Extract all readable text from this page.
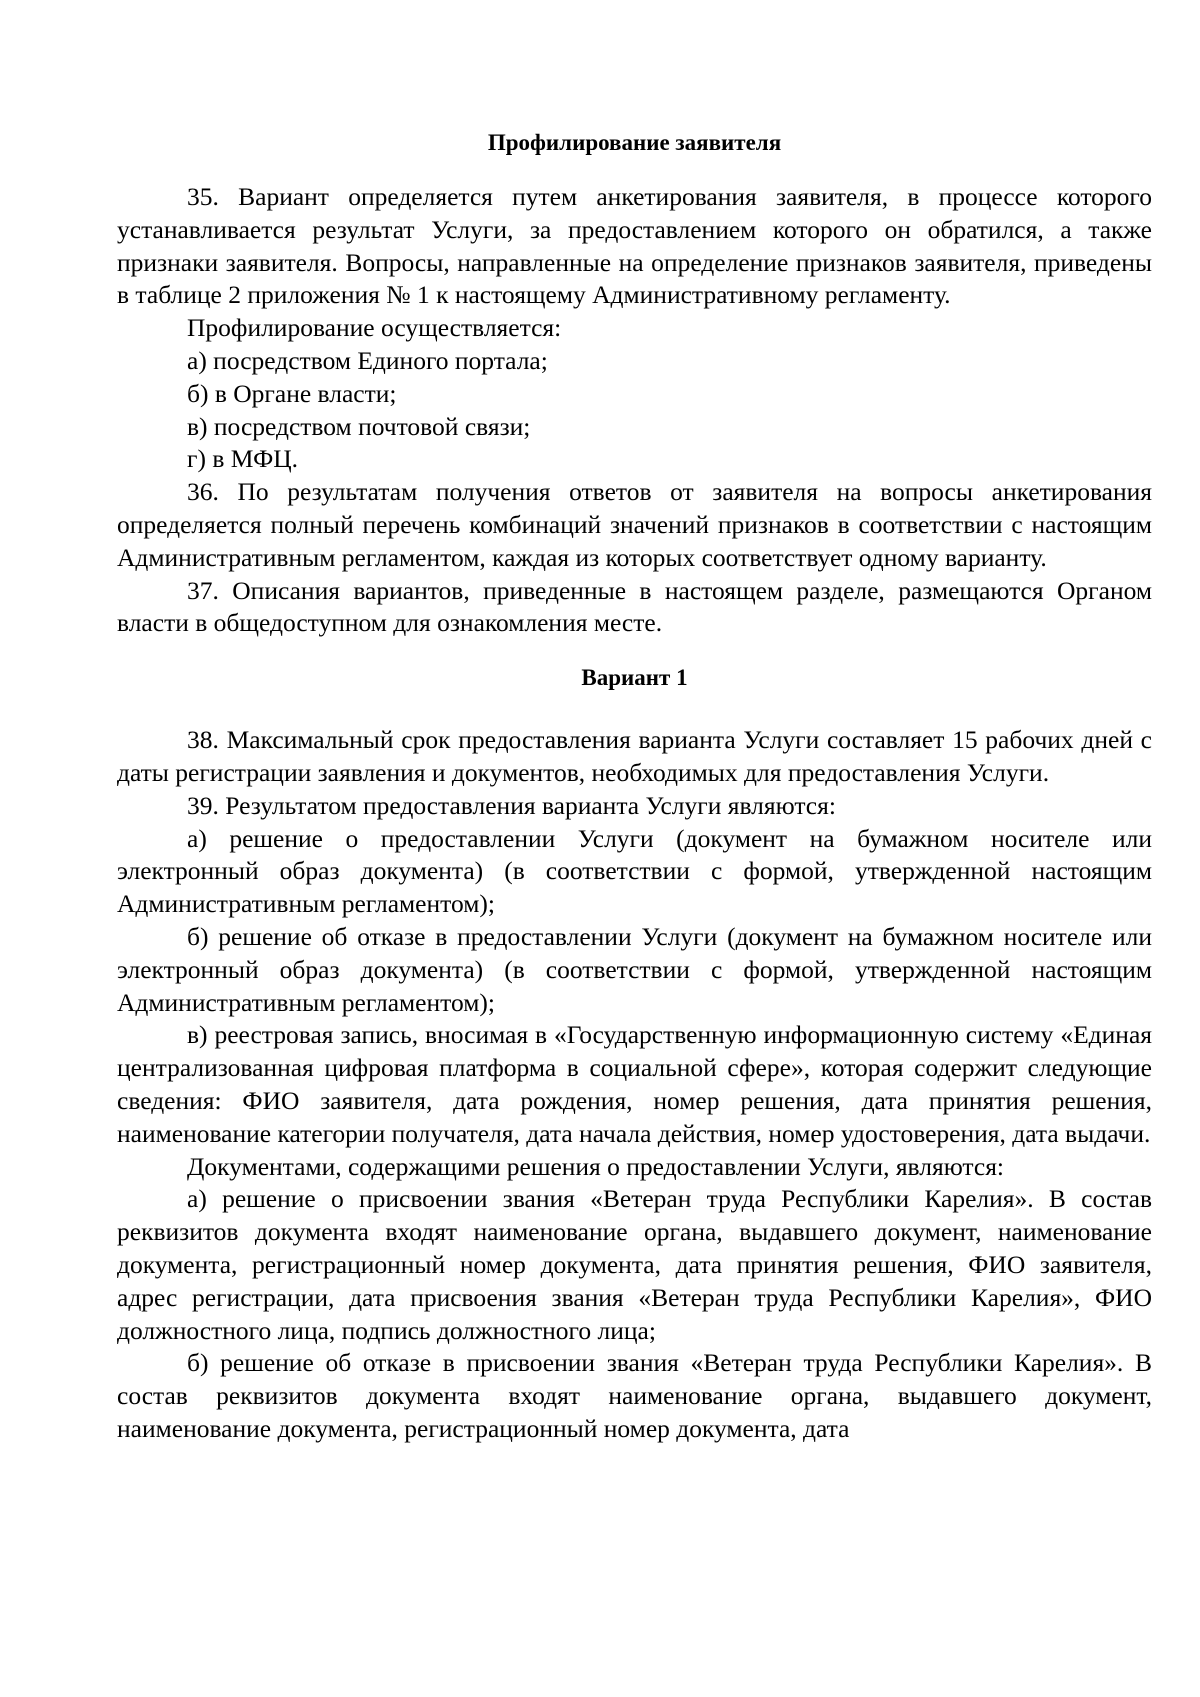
Профилирование заявителя

35. Вариант определяется путем анкетирования заявителя, в процессе которого устанавливается результат Услуги, за предоставлением которого он обратился, а также признаки заявителя. Вопросы, направленные на определение признаков заявителя, приведены в таблице 2 приложения № 1 к настоящему Административному регламенту.

Профилирование осуществляется:

а) посредством Единого портала;

б) в Органе власти;

в) посредством почтовой связи;

г) в МФЦ.

36. По результатам получения ответов от заявителя на вопросы анкетирования определяется полный перечень комбинаций значений признаков в соответствии с настоящим Административным регламентом, каждая из которых соответствует одному варианту.

37. Описания вариантов, приведенные в настоящем разделе, размещаются Органом власти в общедоступном для ознакомления месте.

Вариант 1

38. Максимальный срок предоставления варианта Услуги составляет 15 рабочих дней с даты регистрации заявления и документов, необходимых для предоставления Услуги.

39. Результатом предоставления варианта Услуги являются:

а) решение о предоставлении Услуги (документ на бумажном носителе или электронный образ документа) (в соответствии с формой, утвержденной настоящим Административным регламентом);

б) решение об отказе в предоставлении Услуги (документ на бумажном носителе или электронный образ документа) (в соответствии с формой, утвержденной настоящим Административным регламентом);

в) реестровая запись, вносимая в «Государственную информационную систему «Единая централизованная цифровая платформа в социальной сфере», которая содержит следующие сведения: ФИО заявителя, дата рождения, номер решения, дата принятия решения, наименование категории получателя, дата начала действия, номер удостоверения, дата выдачи.

Документами, содержащими решения о предоставлении Услуги, являются:

а) решение о присвоении звания «Ветеран труда Республики Карелия». В состав реквизитов документа входят наименование органа, выдавшего документ, наименование документа, регистрационный номер документа, дата принятия решения, ФИО заявителя, адрес регистрации, дата присвоения звания «Ветеран труда Республики Карелия», ФИО должностного лица, подпись должностного лица;

б) решение об отказе в присвоении звания «Ветеран труда Республики Карелия». В состав реквизитов документа входят наименование органа, выдавшего документ, наименование документа, регистрационный номер документа, дата
